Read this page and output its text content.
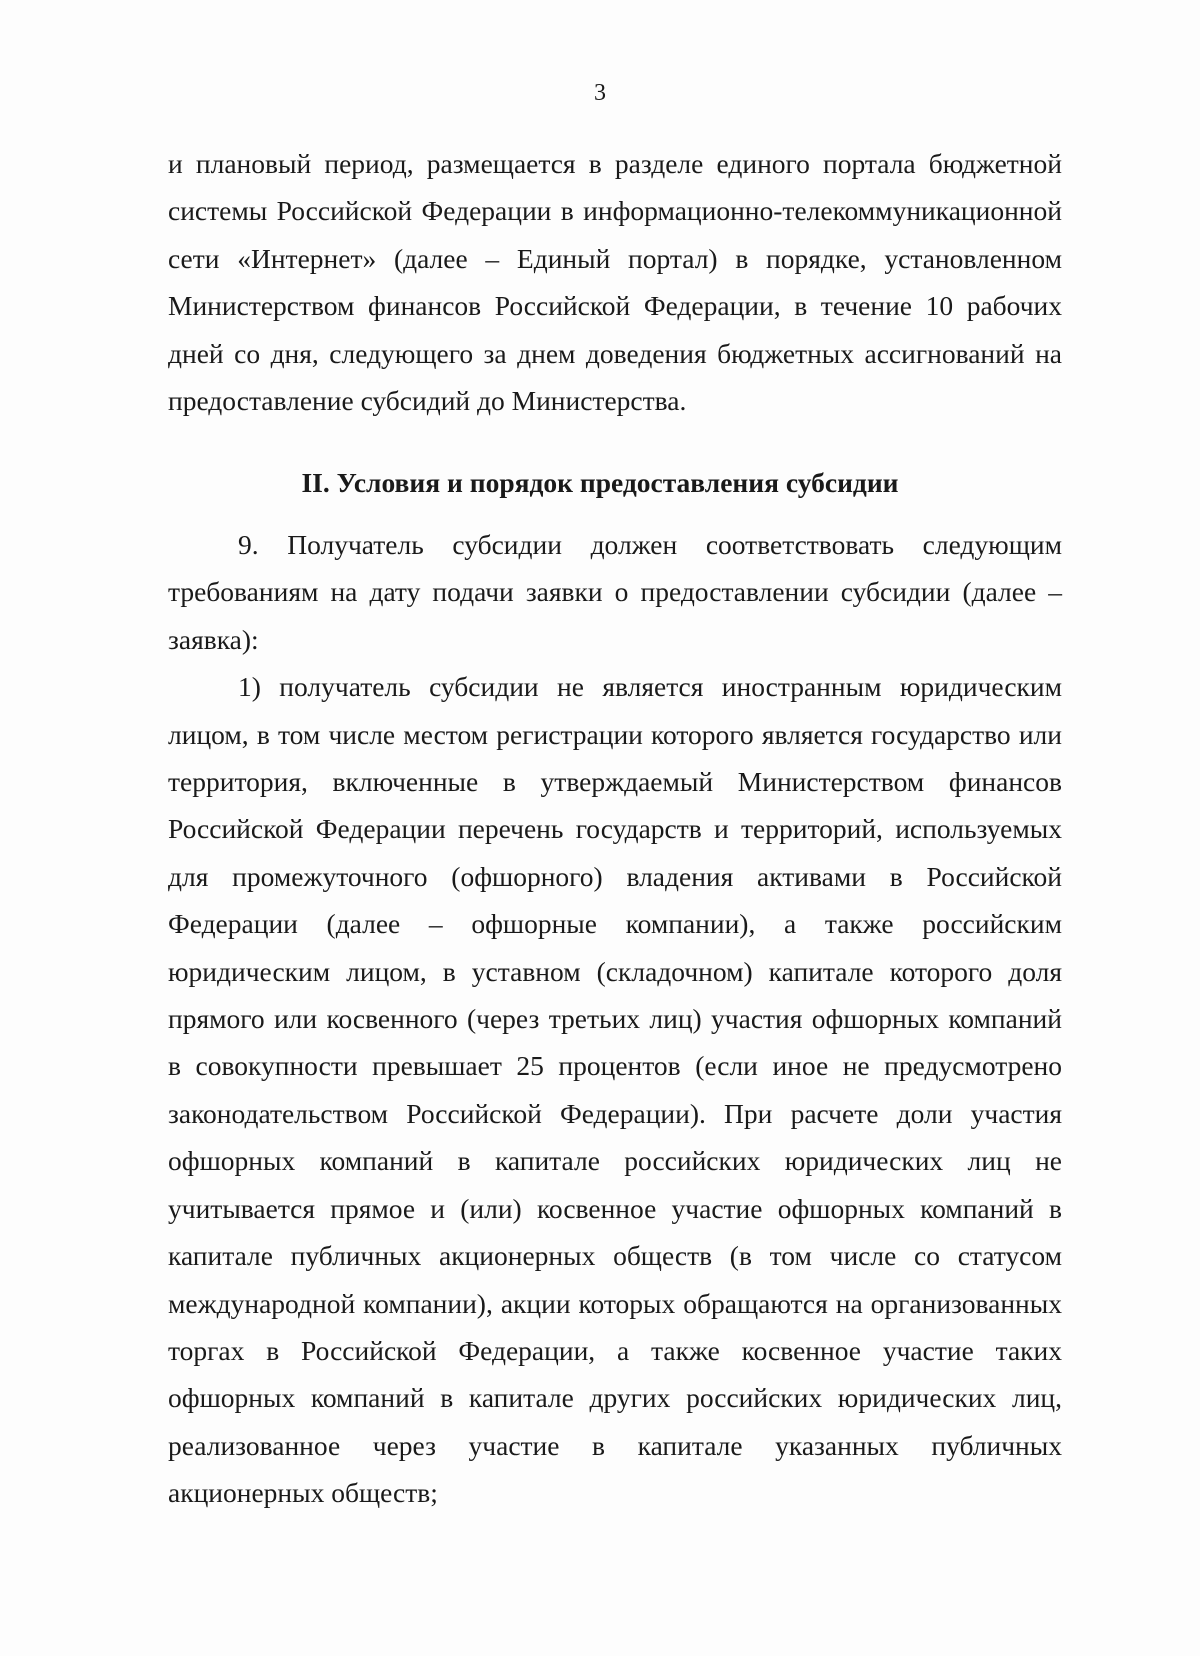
3

и плановый период, размещается в разделе единого портала бюджетной системы Российской Федерации в информационно-телекоммуникационной сети «Интернет» (далее – Единый портал) в порядке, установленном Министерством финансов Российской Федерации, в течение 10 рабочих дней со дня, следующего за днем доведения бюджетных ассигнований на предоставление субсидий до Министерства.

II. Условия и порядок предоставления субсидии

9. Получатель субсидии должен соответствовать следующим требованиям на дату подачи заявки о предоставлении субсидии (далее – заявка):

1) получатель субсидии не является иностранным юридическим лицом, в том числе местом регистрации которого является государство или территория, включенные в утверждаемый Министерством финансов Российской Федерации перечень государств и территорий, используемых для промежуточного (офшорного) владения активами в Российской Федерации (далее – офшорные компании), а также российским юридическим лицом, в уставном (складочном) капитале которого доля прямого или косвенного (через третьих лиц) участия офшорных компаний в совокупности превышает 25 процентов (если иное не предусмотрено законодательством Российской Федерации). При расчете доли участия офшорных компаний в капитале российских юридических лиц не учитывается прямое и (или) косвенное участие офшорных компаний в капитале публичных акционерных обществ (в том числе со статусом международной компании), акции которых обращаются на организованных торгах в Российской Федерации, а также косвенное участие таких офшорных компаний в капитале других российских юридических лиц, реализованное через участие в капитале указанных публичных акционерных обществ;
